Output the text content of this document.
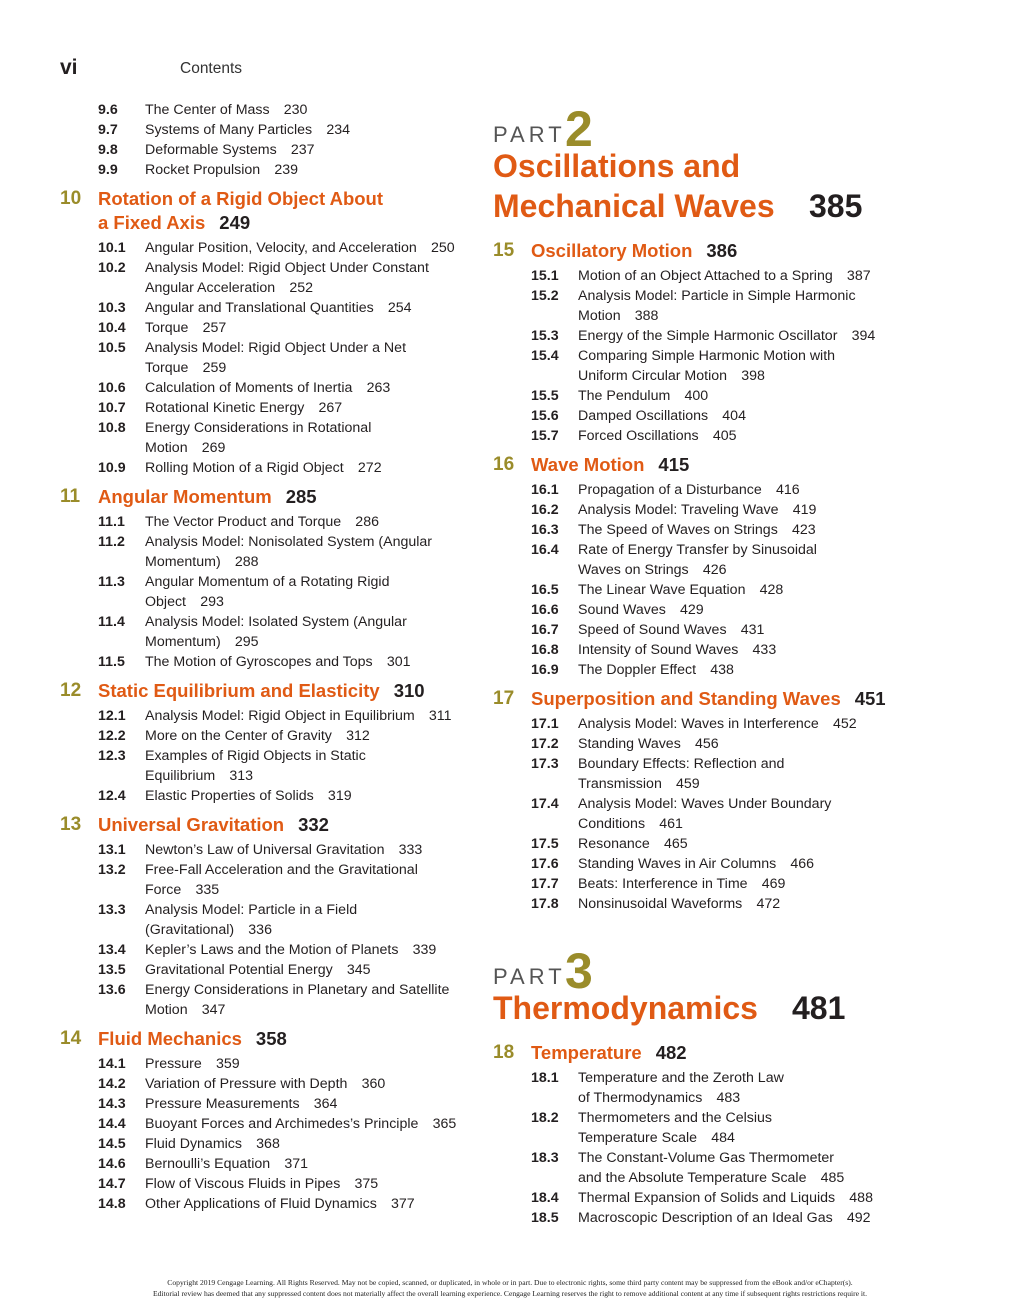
vi	Contents
9.6 The Center of Mass  230
9.7 Systems of Many Particles  234
9.8 Deformable Systems  237
9.9 Rocket Propulsion  239
10 Rotation of a Rigid Object About
a Fixed Axis 249
10.1 Angular Position, Velocity, and Acceleration  250
10.2 Analysis Model: Rigid Object Under Constant
Angular Acceleration  252
10.3 Angular and Translational Quantities  254
10.4 Torque  257
10.5 Analysis Model: Rigid Object Under a Net
Torque  259
10.6 Calculation of Moments of Inertia  263
10.7 Rotational Kinetic Energy  267
10.8 Energy Considerations in Rotational
Motion  269
10.9 Rolling Motion of a Rigid Object  272
11 Angular Momentum 285
11.1 The Vector Product and Torque  286
11.2 Analysis Model: Nonisolated System (Angular
Momentum)  288
11.3 Angular Momentum of a Rotating Rigid
Object  293
11.4 Analysis Model: Isolated System (Angular
Momentum)  295
11.5 The Motion of Gyroscopes and Tops  301
12 Static Equilibrium and Elasticity 310
12.1 Analysis Model: Rigid Object in Equilibrium  311
12.2 More on the Center of Gravity  312
12.3 Examples of Rigid Objects in Static
Equilibrium  313
12.4 Elastic Properties of Solids  319
13 Universal Gravitation 332
13.1 Newton’s Law of Universal Gravitation  333
13.2 Free-Fall Acceleration and the Gravitational
Force  335
13.3 Analysis Model: Particle in a Field
(Gravitational)  336
13.4 Kepler’s Laws and the Motion of Planets  339
13.5 Gravitational Potential Energy  345
13.6 Energy Considerations in Planetary and Satellite
Motion  347
14 Fluid Mechanics 358
14.1 Pressure  359
14.2 Variation of Pressure with Depth  360
14.3 Pressure Measurements  364
14.4 Buoyant Forces and Archimedes’s Principle  365
14.5 Fluid Dynamics  368
14.6 Bernoulli’s Equation  371
14.7 Flow of Viscous Fluids in Pipes  375
14.8 Other Applications of Fluid Dynamics  377
PART 2
Oscillations and
Mechanical Waves 385
15 Oscillatory Motion 386
15.1 Motion of an Object Attached to a Spring  387
15.2 Analysis Model: Particle in Simple Harmonic
Motion  388
15.3 Energy of the Simple Harmonic Oscillator  394
15.4 Comparing Simple Harmonic Motion with
Uniform Circular Motion  398
15.5 The Pendulum  400
15.6 Damped Oscillations  404
15.7 Forced Oscillations  405
16 Wave Motion 415
16.1 Propagation of a Disturbance  416
16.2 Analysis Model: Traveling Wave  419
16.3 The Speed of Waves on Strings  423
16.4 Rate of Energy Transfer by Sinusoidal
Waves on Strings  426
16.5 The Linear Wave Equation  428
16.6 Sound Waves  429
16.7 Speed of Sound Waves  431
16.8 Intensity of Sound Waves  433
16.9 The Doppler Effect  438
17 Superposition and Standing Waves 451
17.1 Analysis Model: Waves in Interference  452
17.2 Standing Waves  456
17.3 Boundary Effects: Reflection and
Transmission  459
17.4 Analysis Model: Waves Under Boundary
Conditions  461
17.5 Resonance  465
17.6 Standing Waves in Air Columns  466
17.7 Beats: Interference in Time  469
17.8 Nonsinusoidal Waveforms  472
PART 3
Thermodynamics 481
18 Temperature 482
18.1 Temperature and the Zeroth Law
of Thermodynamics  483
18.2 Thermometers and the Celsius
Temperature Scale  484
18.3 The Constant-Volume Gas Thermometer
and the Absolute Temperature Scale  485
18.4 Thermal Expansion of Solids and Liquids  488
18.5 Macroscopic Description of an Ideal Gas  492
Copyright 2019 Cengage Learning. All Rights Reserved. May not be copied, scanned, or duplicated, in whole or in part. Due to electronic rights, some third party content may be suppressed from the eBook and/or eChapter(s).
Editorial review has deemed that any suppressed content does not materially affect the overall learning experience. Cengage Learning reserves the right to remove additional content at any time if subsequent rights restrictions require it.
